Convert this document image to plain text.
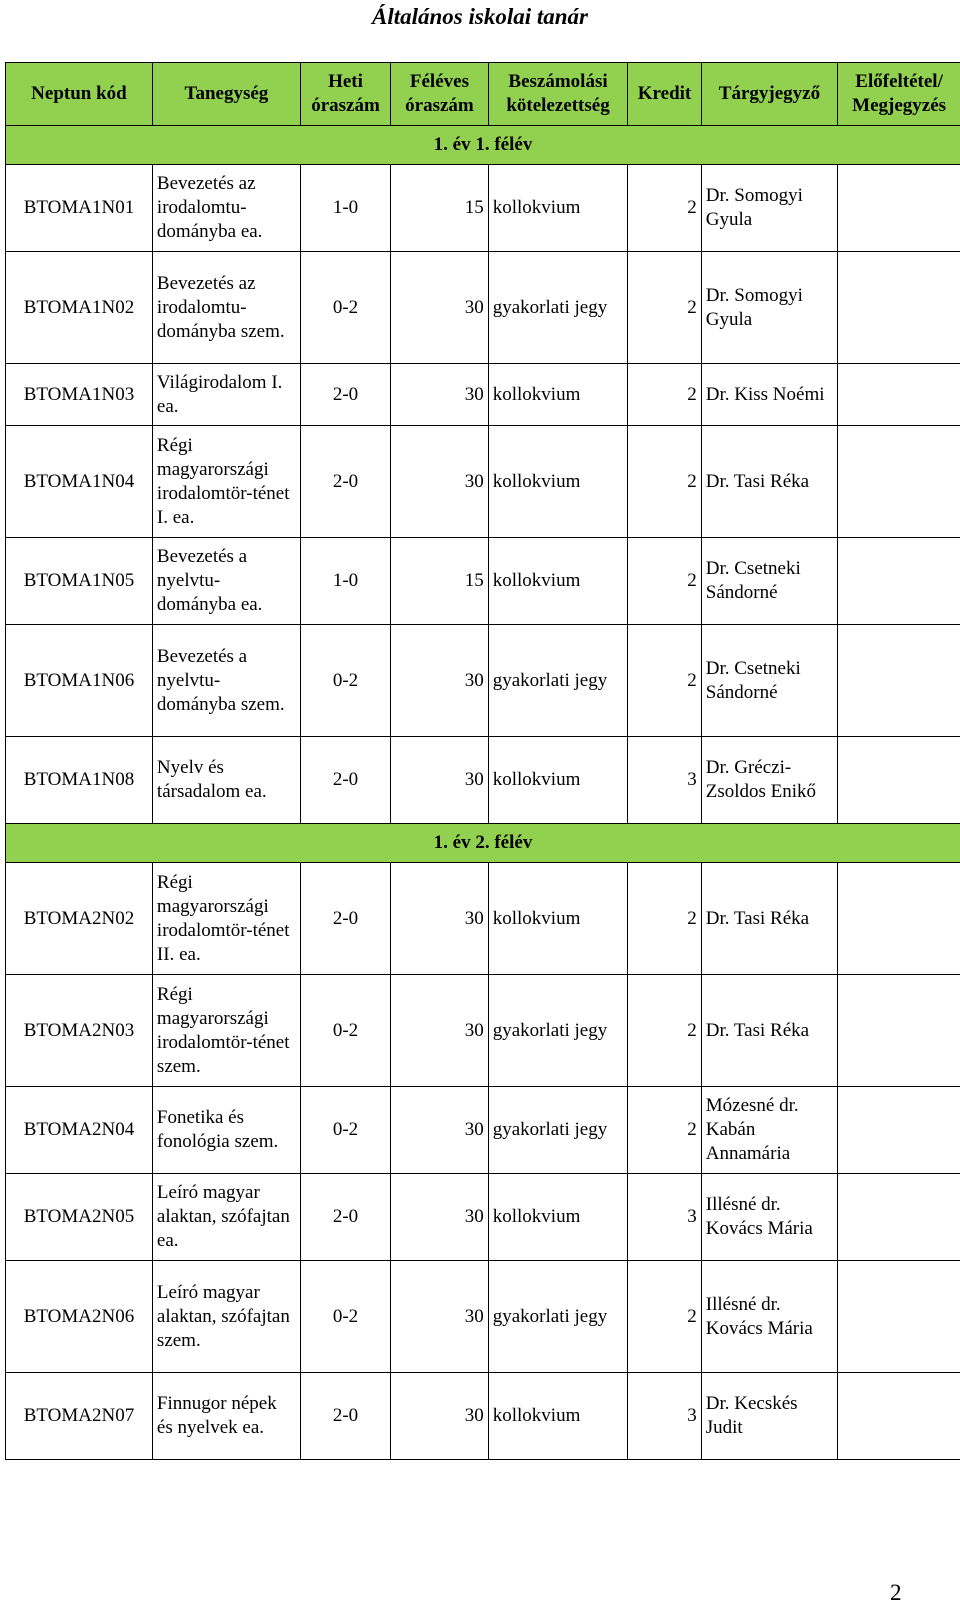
Általános iskolai tanár
Neptun kód	Tanegység	Heti óraszám	Féléves óraszám	Beszámolási kötelezettség	Kredit	Tárgyjegyző	Előfeltétel/ Megjegyzés
1. év 1. félév							
BTOMA1N01	Bevezetés az irodalomtu-dományba ea.	1-0	15	kollokvium	2	Dr. Somogyi Gyula	
BTOMA1N02	Bevezetés az irodalomtu-dományba szem.	0-2	30	gyakorlati jegy	2	Dr. Somogyi Gyula	
BTOMA1N03	Világirodalom I. ea.	2-0	30	kollokvium	2	Dr. Kiss Noémi	
BTOMA1N04	Régi magyarországi irodalomtör-ténet I. ea.	2-0	30	kollokvium	2	Dr. Tasi Réka	
BTOMA1N05	Bevezetés a nyelvtu-dományba ea.	1-0	15	kollokvium	2	Dr. Csetneki Sándorné	
BTOMA1N06	Bevezetés a nyelvtu-dományba szem.	0-2	30	gyakorlati jegy	2	Dr. Csetneki Sándorné	
BTOMA1N08	Nyelv és társadalom ea.	2-0	30	kollokvium	3	Dr. Gréczi-Zsoldos Enikő	
1. év 2. félév							
BTOMA2N02	Régi magyarországi irodalomtör-ténet II. ea.	2-0	30	kollokvium	2	Dr. Tasi Réka	
BTOMA2N03	Régi magyarországi irodalomtör-ténet szem.	0-2	30	gyakorlati jegy	2	Dr. Tasi Réka	
BTOMA2N04	Fonetika és fonológia szem.	0-2	30	gyakorlati jegy	2	Mózesné dr. Kabán Annamária	
BTOMA2N05	Leíró magyar alaktan, szófajtan ea.	2-0	30	kollokvium	3	Illésné dr. Kovács Mária	
BTOMA2N06	Leíró magyar alaktan, szófajtan szem.	0-2	30	gyakorlati jegy	2	Illésné dr. Kovács Mária	
BTOMA2N07	Finnugor népek és nyelvek ea.	2-0	30	kollokvium	3	Dr. Kecskés Judit	
2
